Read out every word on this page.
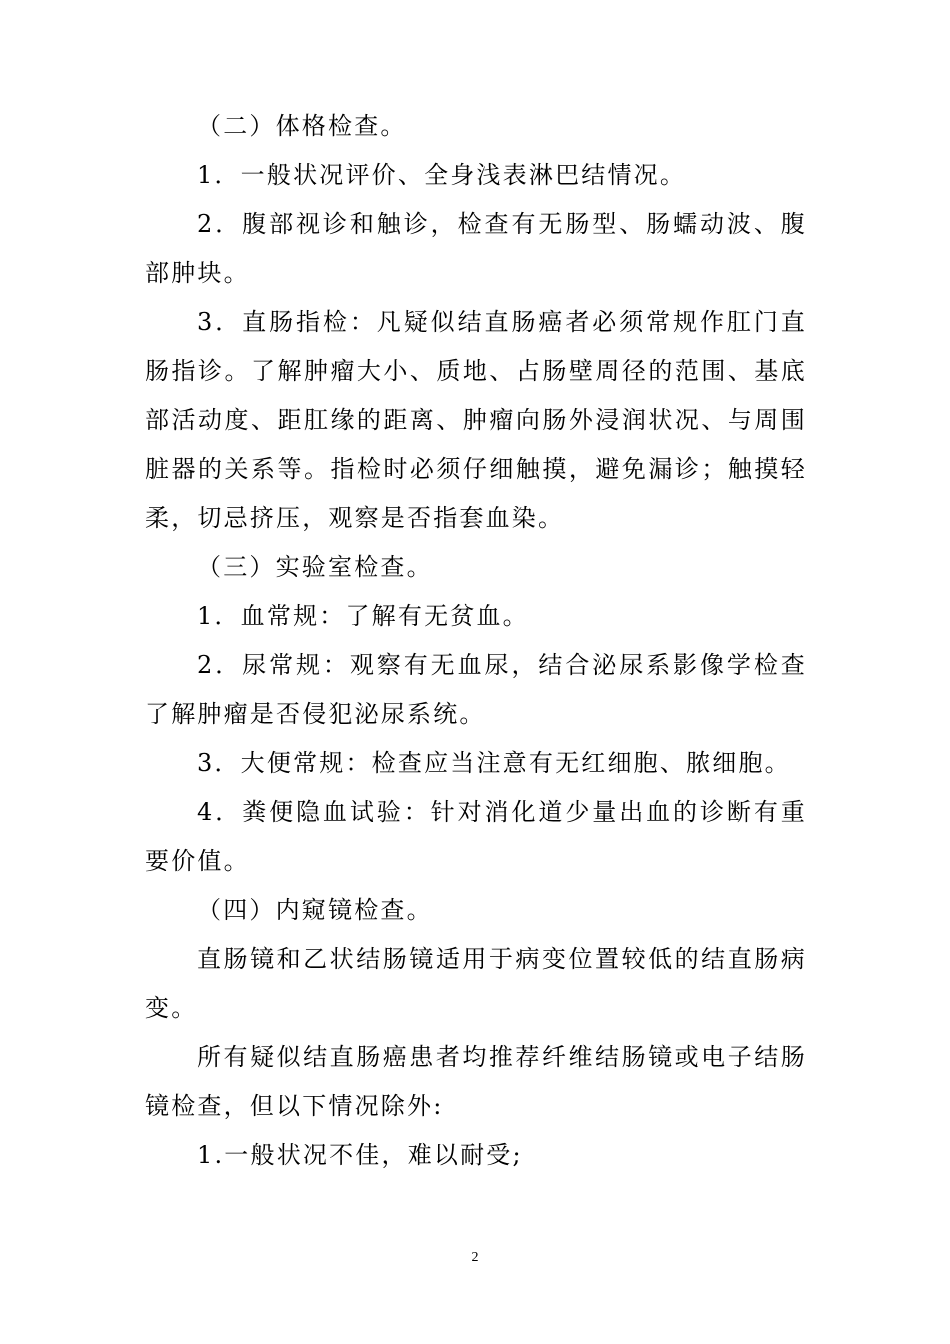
（二）体格检查。

1．一般状况评价、全身浅表淋巴结情况。

2．腹部视诊和触诊，检查有无肠型、肠蠕动波、腹部肿块。

3．直肠指检：凡疑似结直肠癌者必须常规作肛门直肠指诊。了解肿瘤大小、质地、占肠壁周径的范围、基底部活动度、距肛缘的距离、肿瘤向肠外浸润状况、与周围脏器的关系等。指检时必须仔细触摸，避免漏诊；触摸轻柔，切忌挤压，观察是否指套血染。

（三）实验室检查。

1．血常规：了解有无贫血。

2．尿常规：观察有无血尿，结合泌尿系影像学检查了解肿瘤是否侵犯泌尿系统。

3．大便常规：检查应当注意有无红细胞、脓细胞。

4．粪便隐血试验：针对消化道少量出血的诊断有重要价值。

（四）内窥镜检查。

直肠镜和乙状结肠镜适用于病变位置较低的结直肠病变。

所有疑似结直肠癌患者均推荐纤维结肠镜或电子结肠镜检查，但以下情况除外:

1.一般状况不佳，难以耐受;

2
